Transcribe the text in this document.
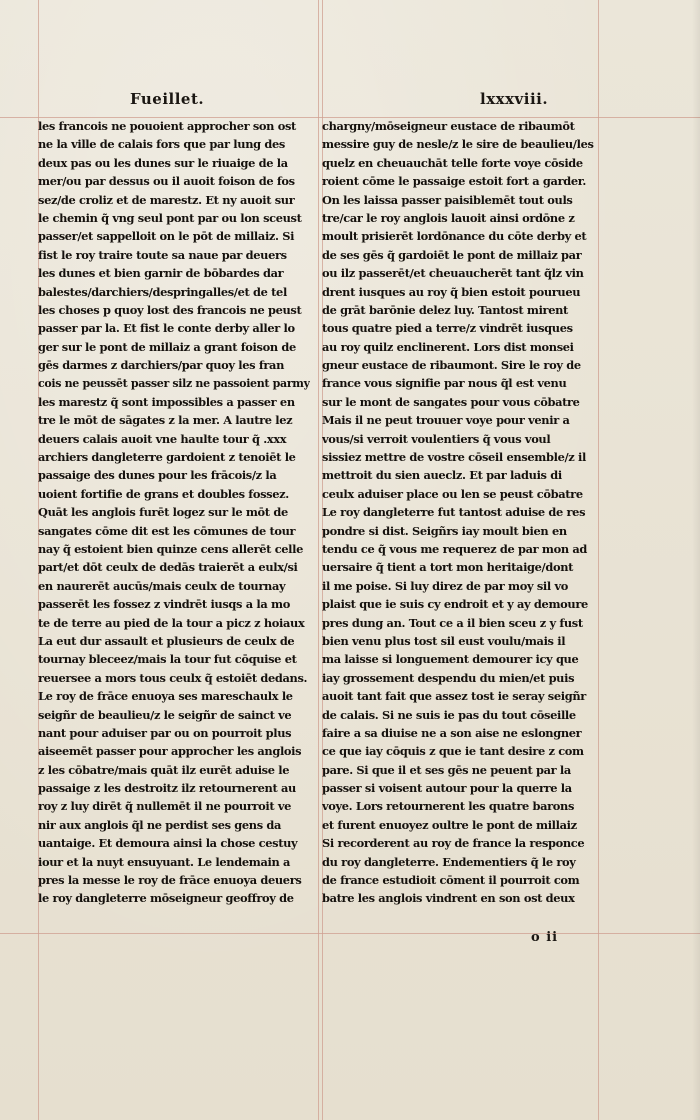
Fueillet.	lxxxviii.
les francois ne pouoient approcher son ost
ne la ville de calais fors que par lung des
deux pas ou les dunes sur le riuaige de la
mer/ou par dessus ou il auoit foison de fos
sez/de croliz et de marestz. Et ny auoit sur
le chemin q̃ vng seul pont par ou lon sceust
passer/et sappelloit on le pōt de millaiz. Si
fist le roy traire toute sa naue par deuers
les dunes et bien garnir de bōbardes dar
balestes/darchiers/despringalles/et de tel
les choses p quoy lost des francois ne peust
passer par la. Et fist le conte derby aller lo
ger sur le pont de millaiz a grant foison de
gēs darmes z darchiers/par quoy les fran
cois ne peussēt passer silz ne passoient parmy
les marestz q̃ sont impossibles a passer en
tre le mōt de sāgates z la mer. A lautre lez
deuers calais auoit vne haulte tour q̃ .xxx
archiers dangleterre gardoient z tenoiēt le
passaige des dunes pour les frācois/z la
uoient fortifie de grans et doubles fossez.
Quāt les anglois furēt logez sur le mōt de
sangates cōme dit est les cōmunes de tour
nay q̃ estoient bien quinze cens allerēt celle
part/et dōt ceulx de dedās traierēt a eulx/si
en naurerēt aucūs/mais ceulx de tournay
passerēt les fossez z vindrēt iusqs a la mo
te de terre au pied de la tour a picz z hoiaux
La eut dur assault et plusieurs de ceulx de
tournay bleceez/mais la tour fut cōquise et
reuersee a mors tous ceulx q̃ estoiēt dedans.
Le roy de frāce enuoya ses mareschaulx le
seigñr de beaulieu/z le seigñr de sainct ve
nant pour aduiser par ou on pourroit plus
aiseemēt passer pour approcher les anglois
z les cōbatre/mais quāt ilz eurēt aduise le
passaige z les destroitz ilz retournerent au
roy z luy dirēt q̃ nullemēt il ne pourroit ve
nir aux anglois q̃l ne perdist ses gens da
uantaige. Et demoura ainsi la chose cestuy
iour et la nuyt ensuyuant. Le lendemain a
pres la messe le roy de frāce enuoya deuers
le roy dangleterre mōseigneur geoffroy de
chargny/mōseigneur eustace de ribaumōt
messire guy de nesle/z le sire de beaulieu/les
quelz en cheuauchāt telle forte voye cōside
roient cōme le passaige estoit fort a garder.
On les laissa passer paisiblemēt tout ouls
tre/car le roy anglois lauoit ainsi ordōne z
moult prisierēt lordōnance du cōte derby et
de ses gēs q̃ gardoiēt le pont de millaiz par
ou ilz passerēt/et cheuaucherēt tant q̃lz vin
drent iusques au roy q̃ bien estoit pourueu
de grāt barōnie delez luy. Tantost mirent
tous quatre pied a terre/z vindrēt iusques
au roy quilz enclinerent. Lors dist monsei
gneur eustace de ribaumont. Sire le roy de
france vous signifie par nous q̃l est venu
sur le mont de sangates pour vous cōbatre
Mais il ne peut trouuer voye pour venir a
vous/si verroit voulentiers q̃ vous voul
sissiez mettre de vostre cōseil ensemble/z il
mettroit du sien aueclz. Et par laduis di
ceulx aduiser place ou len se peust cōbatre
Le roy dangleterre fut tantost aduise de res
pondre si dist. Seigñrs iay moult bien en
tendu ce q̃ vous me requerez de par mon ad
uersaire q̃ tient a tort mon heritaige/dont
il me poise. Si luy direz de par moy sil vo
plaist que ie suis cy endroit et y ay demoure
pres dung an. Tout ce a il bien sceu z y fust
bien venu plus tost sil eust voulu/mais il
ma laisse si longuement demourer icy que
iay grossement despendu du mien/et puis
auoit tant fait que assez tost ie seray seigñr
de calais. Si ne suis ie pas du tout cōseille
faire a sa diuise ne a son aise ne eslongner
ce que iay cōquis z que ie tant desire z com
pare. Si que il et ses gēs ne peuent par la
passer si voisent autour pour la querre la
voye. Lors retournerent les quatre barons
et furent enuoyez oultre le pont de millaiz
Si recorderent au roy de france la responce
du roy dangleterre. Endementiers q̃ le roy
de france estudioit cōment il pourroit com
batre les anglois vindrent en son ost deux
o ii
